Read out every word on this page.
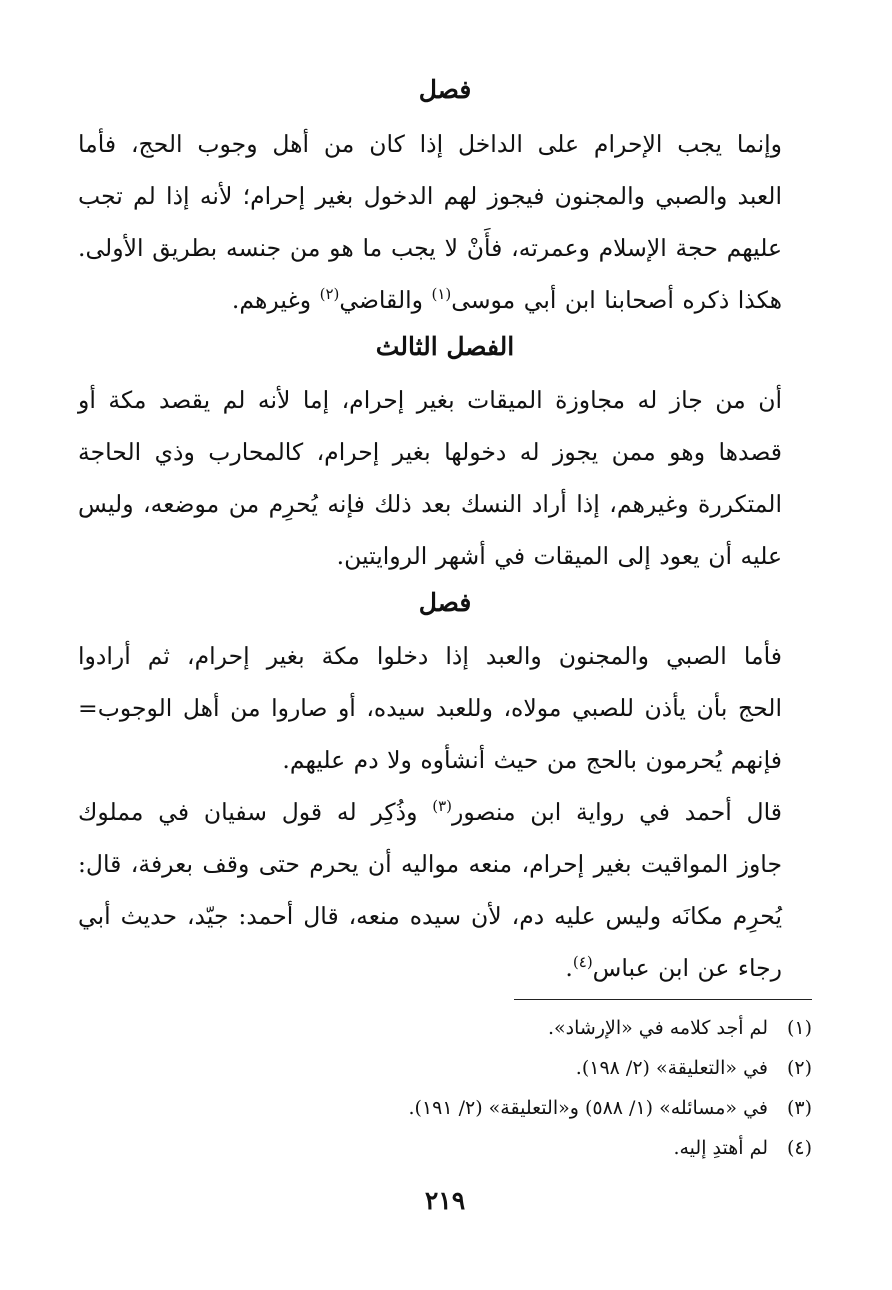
فصل
وإنما يجب الإحرام على الداخل إذا كان من أهل وجوب الحج، فأما
العبد والصبي والمجنون فيجوز لهم الدخول بغير إحرام؛ لأنه إذا لم تجب
عليهم حجة الإسلام وعمرته، فأَنْ لا يجب ما هو من جنسه بطريق الأولى.
هكذا ذكره أصحابنا ابن أبي موسى$^{(١)}$ والقاضي$^{(٢)}$ وغيرهم.
الفصل الثالث
أن من جاز له مجاوزة الميقات بغير إحرام، إما لأنه لم يقصد مكة أو
قصدها وهو ممن يجوز له دخولها بغير إحرام، كالمحارب وذي الحاجة
المتكررة وغيرهم، إذا أراد النسك بعد ذلك فإنه يُحرِم من موضعه، وليس
عليه أن يعود إلى الميقات في أشهر الروايتين.
فصل
فأما الصبي والمجنون والعبد إذا دخلوا مكة بغير إحرام، ثم أرادوا
الحج بأن يأذن للصبي مولاه، وللعبد سيده، أو صاروا من أهل الوجوب=
فإنهم يُحرمون بالحج من حيث أنشأوه ولا دم عليهم.
قال أحمد في رواية ابن منصور$^{(٣)}$ وذُكِر له قول سفيان في مملوك
جاوز المواقيت بغير إحرام، منعه مواليه أن يحرم حتى وقف بعرفة، قال:
يُحرِم مكانَه وليس عليه دم، لأن سيده منعه، قال أحمد: جيّد، حديث أبي
رجاء عن ابن عباس$^{(٤)}$.
(١)لم أجد كلامه في «الإرشاد».
(٢)في «التعليقة» (٢/ ١٩٨).
(٣)في «مسائله» (١/ ٥٨٨) و«التعليقة» (٢/ ١٩١).
(٤)لم أهتدِ إليه.
٢١٩
